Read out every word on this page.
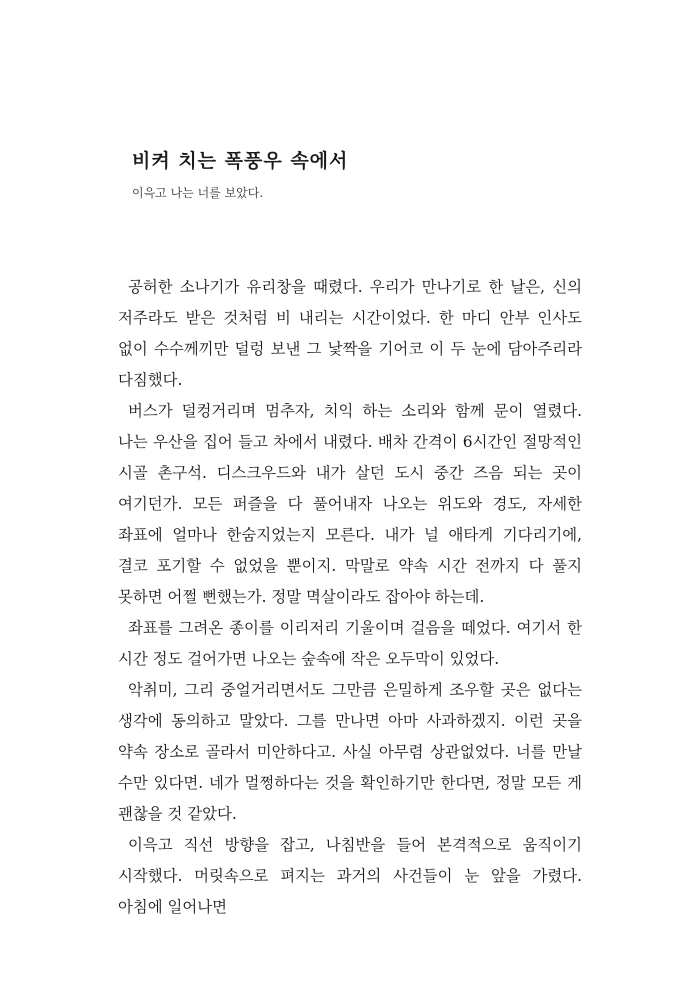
비켜 치는 폭풍우 속에서

이윽고 나는 너를 보았다.

공허한 소나기가 유리창을 때렸다. 우리가 만나기로 한 날은, 신의 저주라도 받은 것처럼 비 내리는 시간이었다. 한 마디 안부 인사도 없이 수수께끼만 덜렁 보낸 그 낯짝을 기어코 이 두 눈에 담아주리라 다짐했다.

버스가 덜컹거리며 멈추자, 치익 하는 소리와 함께 문이 열렸다. 나는 우산을 집어 들고 차에서 내렸다. 배차 간격이 6시간인 절망적인 시골 촌구석. 디스크우드와 내가 살던 도시 중간 즈음 되는 곳이 여기던가. 모든 퍼즐을 다 풀어내자 나오는 위도와 경도, 자세한 좌표에 얼마나 한숨지었는지 모른다. 내가 널 애타게 기다리기에, 결코 포기할 수 없었을 뿐이지. 막말로 약속 시간 전까지 다 풀지 못하면 어쩔 뻔했는가. 정말 멱살이라도 잡아야 하는데.

좌표를 그려온 종이를 이리저리 기울이며 걸음을 떼었다. 여기서 한 시간 정도 걸어가면 나오는 숲속에 작은 오두막이 있었다.

악취미, 그리 중얼거리면서도 그만큼 은밀하게 조우할 곳은 없다는 생각에 동의하고 말았다. 그를 만나면 아마 사과하겠지. 이런 곳을 약속 장소로 골라서 미안하다고. 사실 아무렴 상관없었다. 너를 만날 수만 있다면. 네가 멀쩡하다는 것을 확인하기만 한다면, 정말 모든 게 괜찮을 것 같았다.

이윽고 직선 방향을 잡고, 나침반을 들어 본격적으로 움직이기 시작했다. 머릿속으로 펴지는 과거의 사건들이 눈 앞을 가렸다. 아침에 일어나면
